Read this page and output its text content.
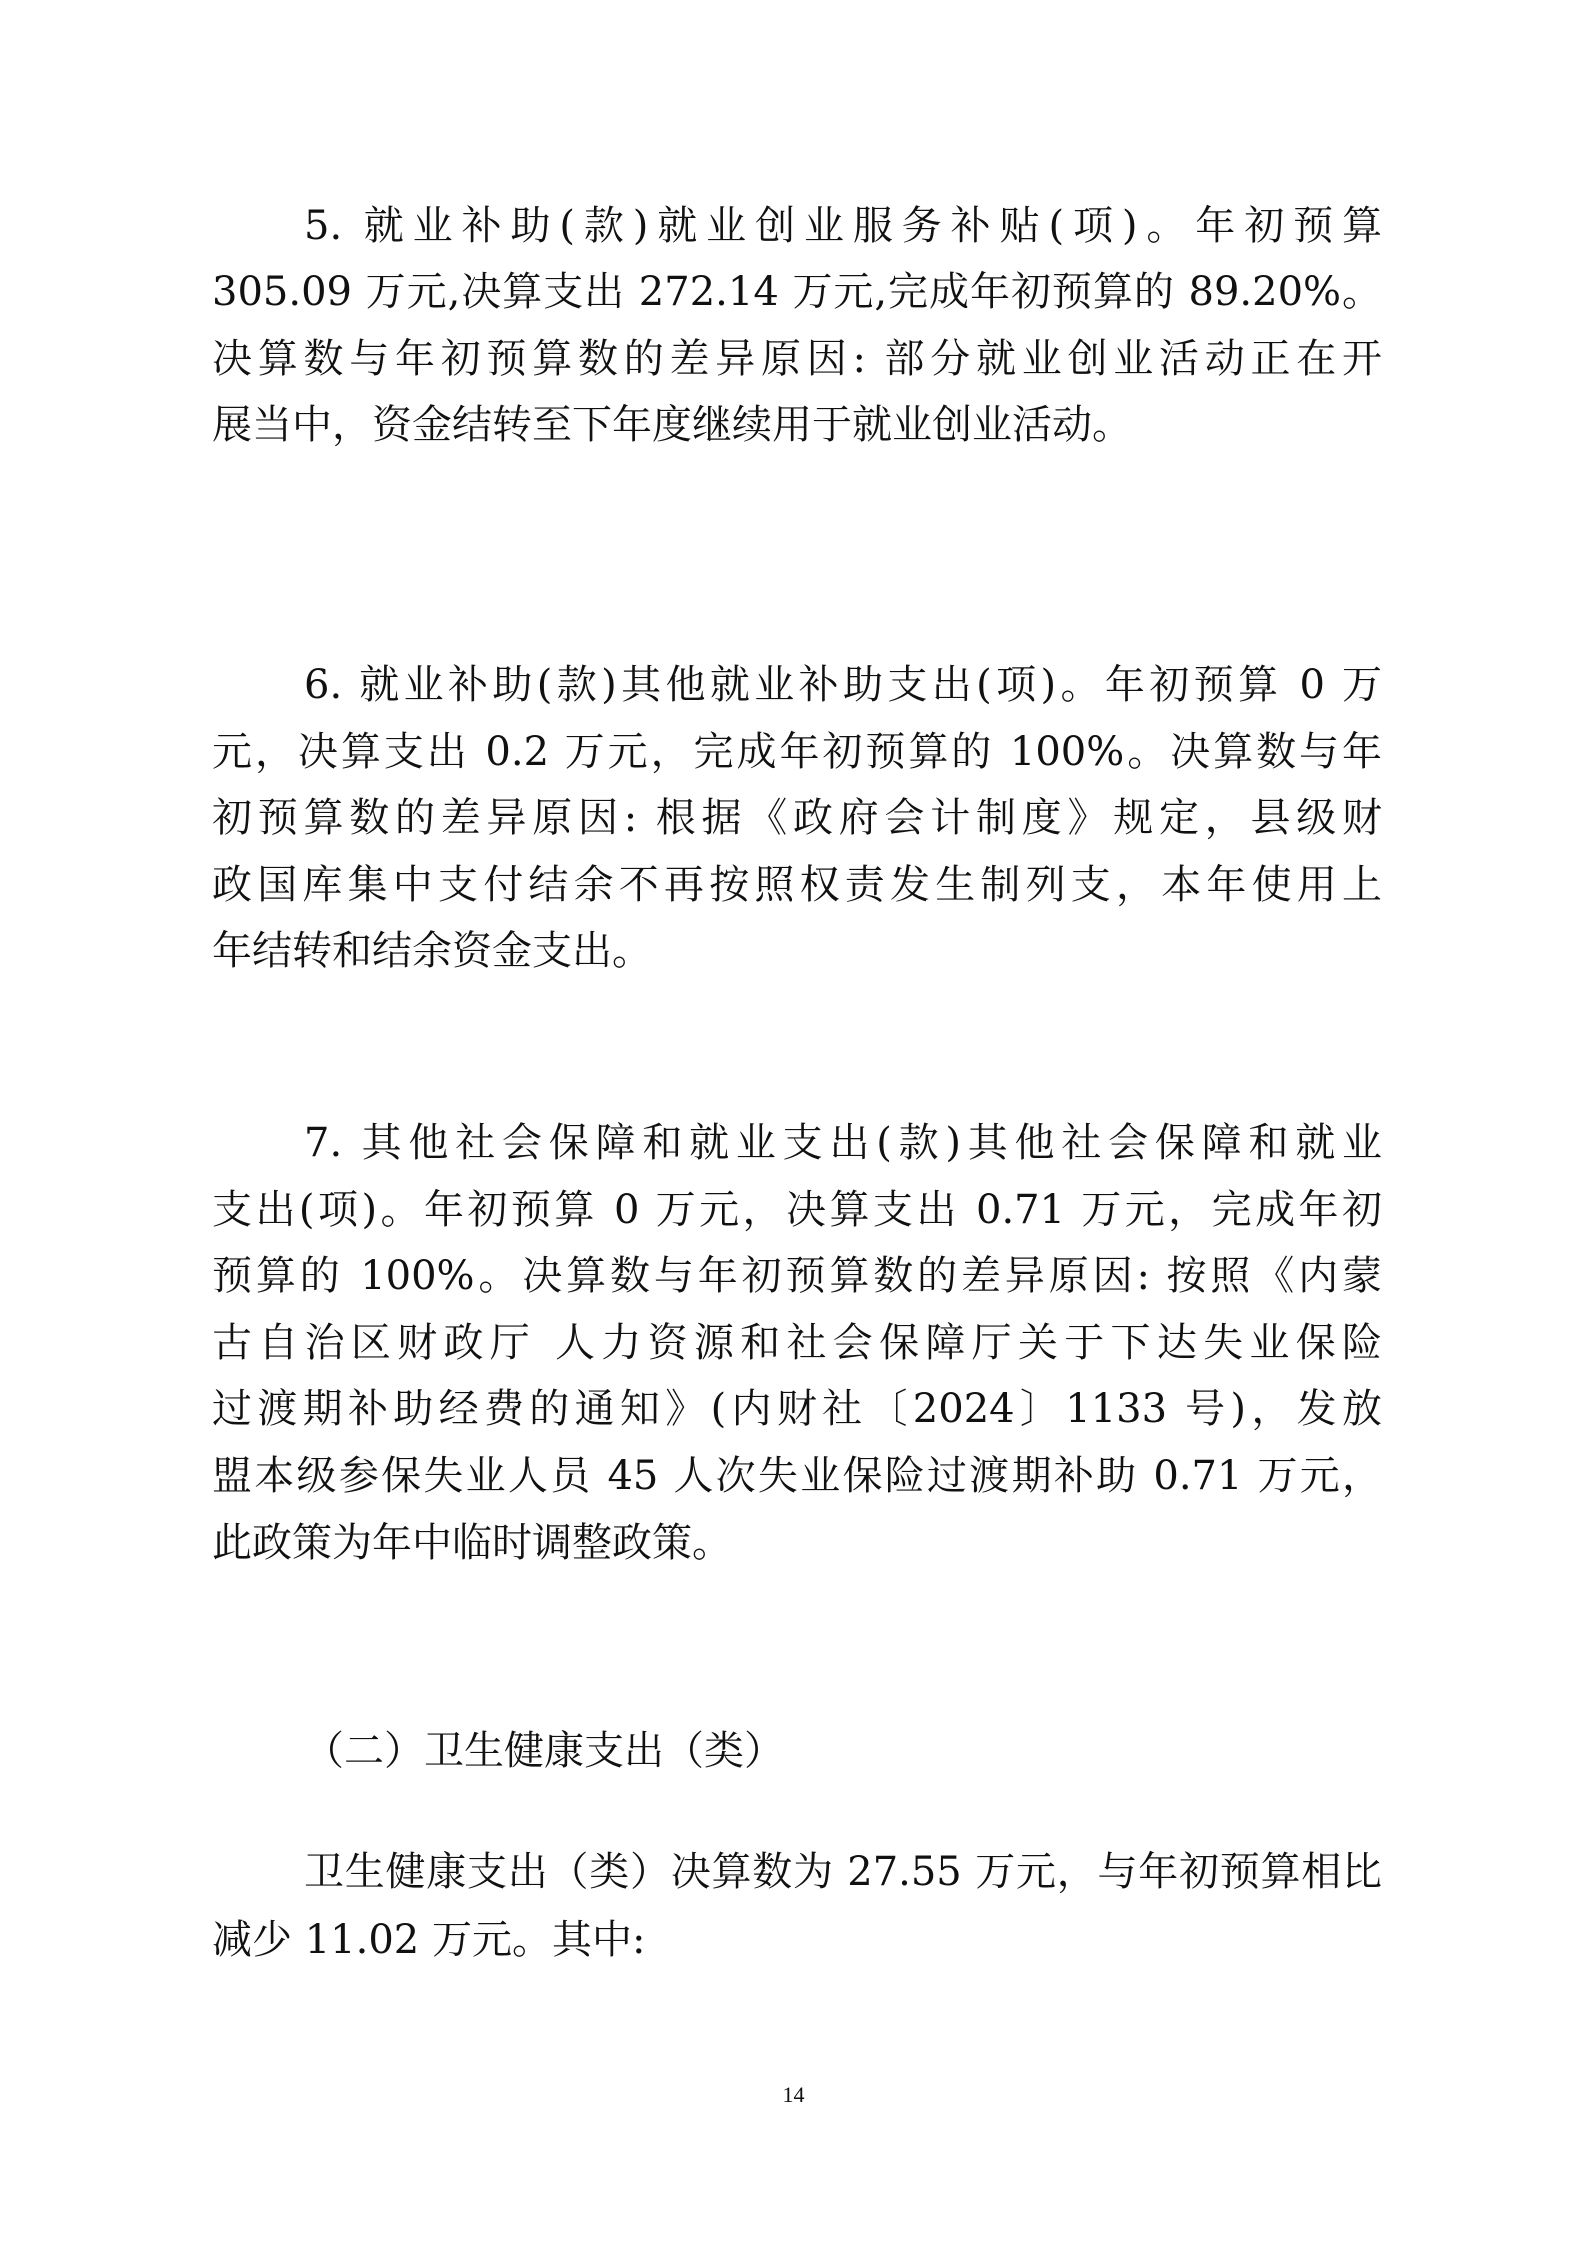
5. 就业补助(款)就业创业服务补贴(项)。年初预算
305.09 万元,决算支出 272.14 万元,完成年初预算的 89.20%。
决算数与年初预算数的差异原因: 部分就业创业活动正在开
展当中，资金结转至下年度继续用于就业创业活动。
6. 就业补助(款)其他就业补助支出(项)。年初预算 0 万
元，决算支出 0.2 万元，完成年初预算的 100%。决算数与年
初预算数的差异原因: 根据《政府会计制度》规定，县级财
政国库集中支付结余不再按照权责发生制列支，本年使用上
年结转和结余资金支出。
7. 其他社会保障和就业支出(款)其他社会保障和就业
支出(项)。年初预算 0 万元，决算支出 0.71 万元，完成年初
预算的 100%。决算数与年初预算数的差异原因: 按照《内蒙
古自治区财政厅 人力资源和社会保障厅关于下达失业保险
过渡期补助经费的通知》(内财社〔2024〕1133 号)，发放
盟本级参保失业人员 45 人次失业保险过渡期补助 0.71 万元，
此政策为年中临时调整政策。
（二）卫生健康支出（类）
卫生健康支出（类）决算数为 27.55 万元，与年初预算相比
减少 11.02 万元。其中:
14
